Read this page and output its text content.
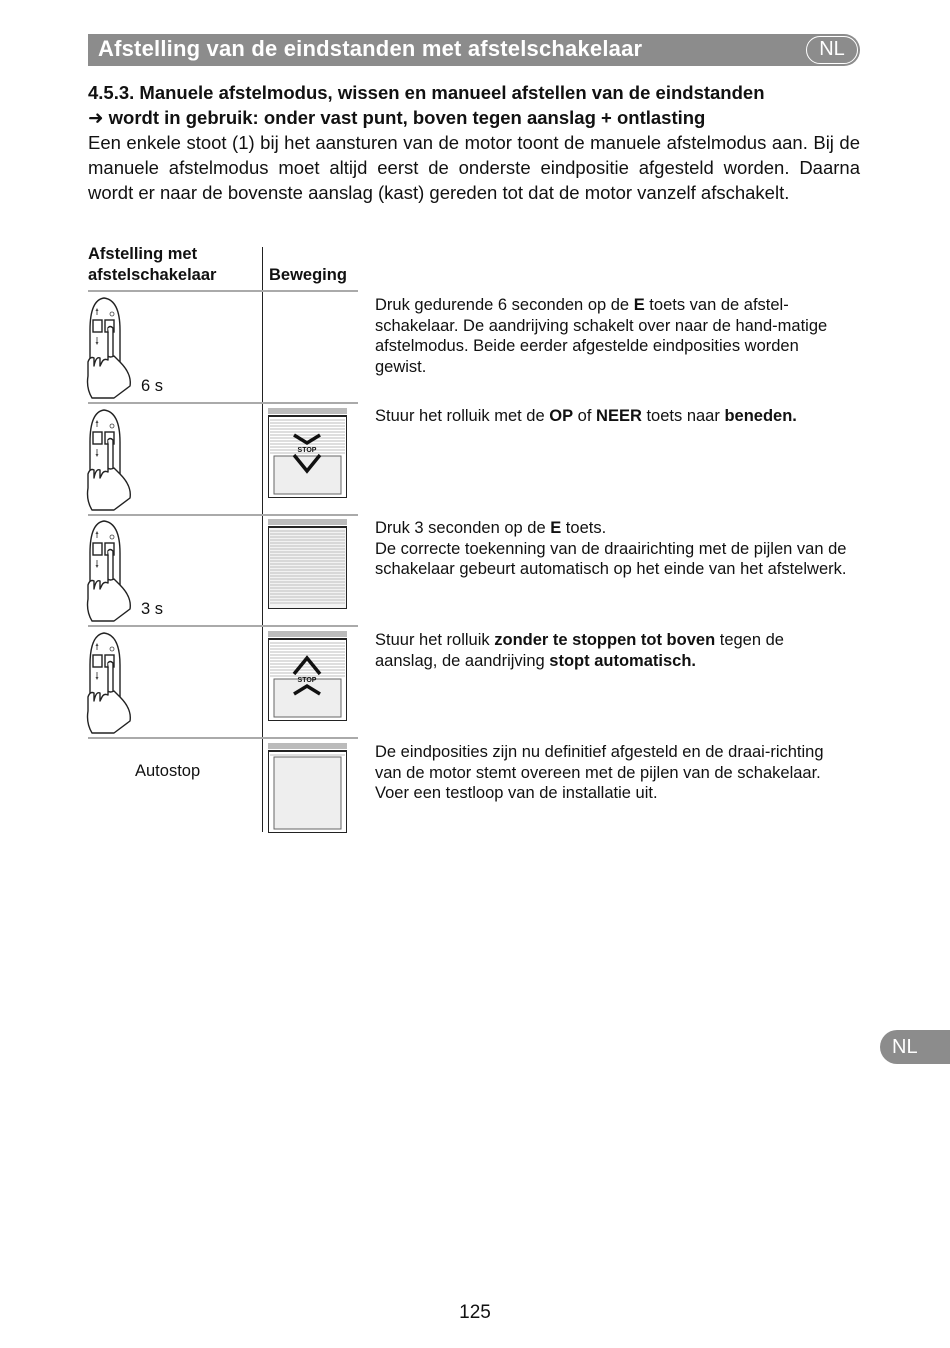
Afstelling van de eindstanden met afstelschakelaar	NL
4.5.3. Manuele afstelmodus, wissen en manueel afstellen van de eindstanden
➜ wordt in gebruik: onder vast punt, boven tegen aanslag + ontlasting
Een enkele stoot (1) bij het aansturen van de motor toont de manuele afstelmodus aan. Bij de manuele afstelmodus moet altijd eerst de onderste eindpositie afgesteld worden. Daarna wordt er naar de bovenste aanslag (kast) gereden tot dat de motor vanzelf afschakelt.
Afstelling met
afstelschakelaar	Beweging
6 s
Druk gedurende 6 seconden op de E toets van de afstel-schakelaar. De aandrijving schakelt over naar de hand-matige afstelmodus. Beide eerder afgestelde eindposities worden gewist.
STOP
Stuur het rolluik met de OP of NEER toets naar beneden.
3 s
Druk 3 seconden op de E toets.
De correcte toekenning van de draairichting met de pijlen van de schakelaar gebeurt automatisch op het einde van het afstelwerk.
STOP
Stuur het rolluik zonder te stoppen tot boven tegen de aanslag, de aandrijving stopt automatisch.
Autostop
De eindposities zijn nu definitief afgesteld en de draai-richting van de motor stemt overeen met de pijlen van de schakelaar. Voer een testloop van de installatie uit.
NL
125
